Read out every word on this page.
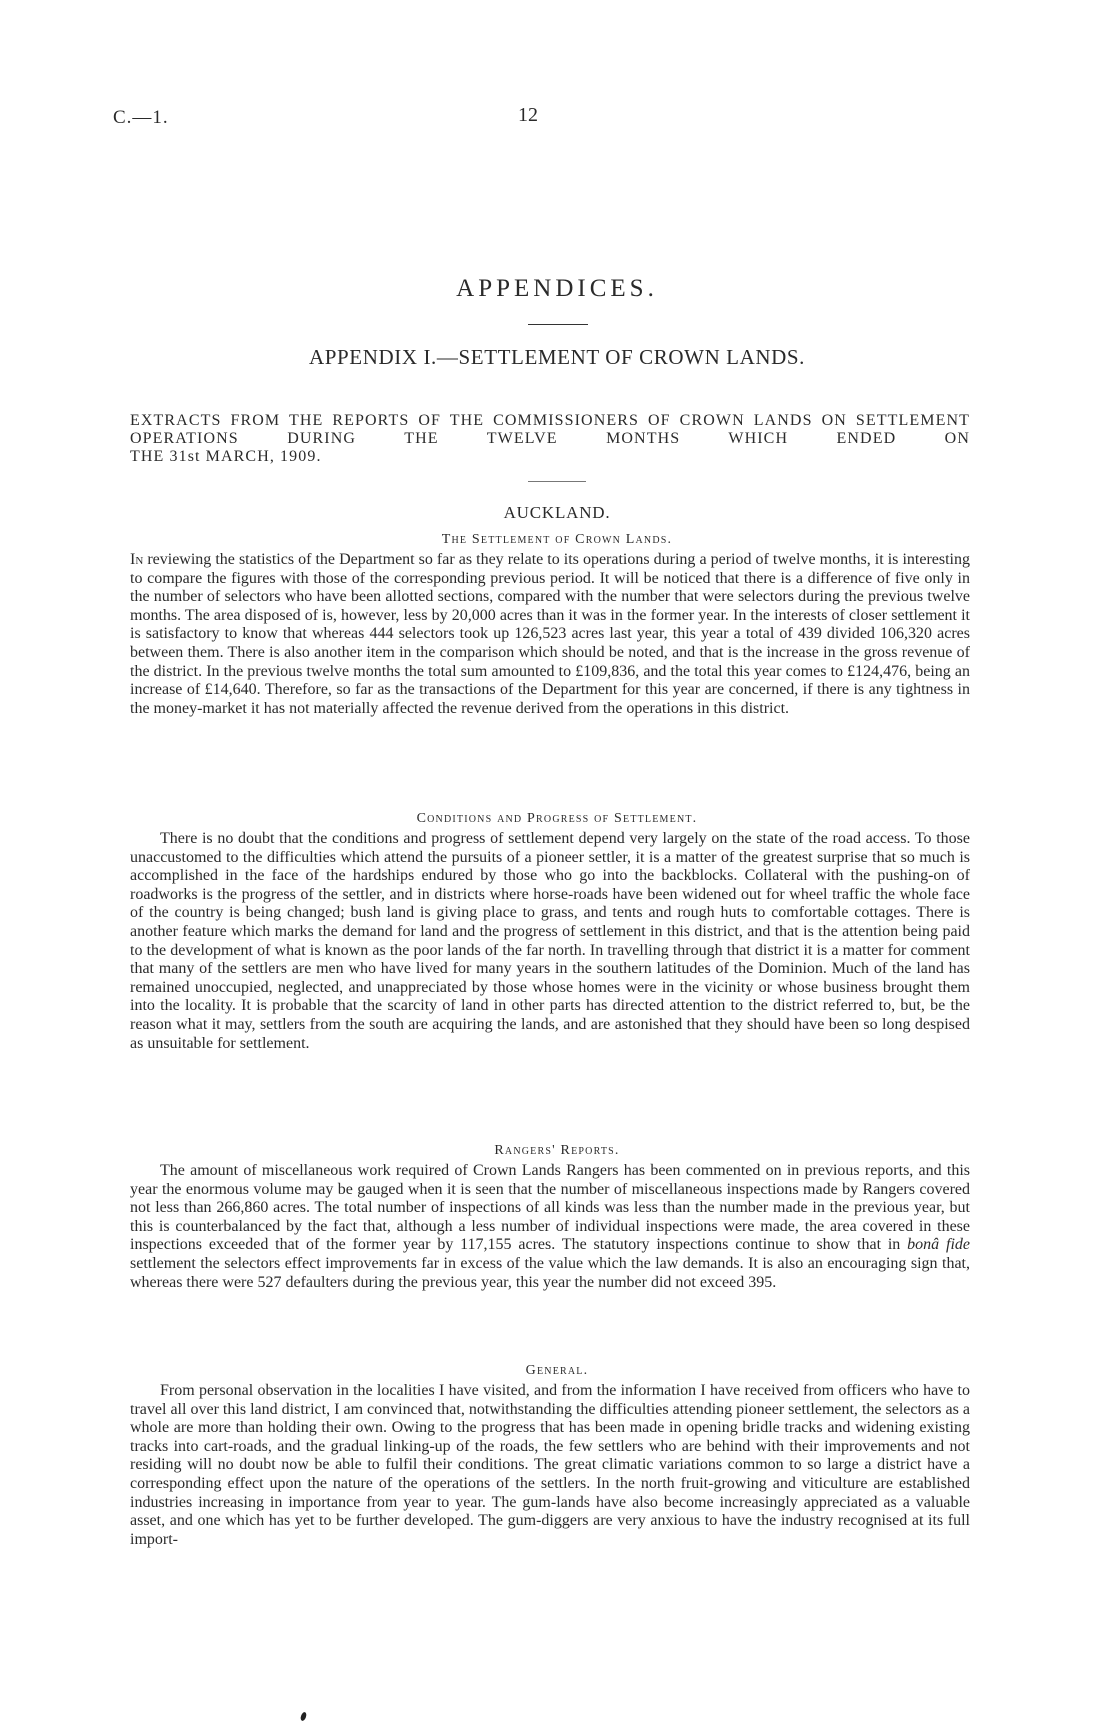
C.—1.	12
APPENDICES.
APPENDIX I.—SETTLEMENT OF CROWN LANDS.
EXTRACTS FROM THE REPORTS OF THE COMMISSIONERS OF CROWN LANDS ON SETTLEMENT OPERATIONS DURING THE TWELVE MONTHS WHICH ENDED ON
THE 31st MARCH, 1909.
AUCKLAND.
The Settlement of Crown Lands.

In reviewing the statistics of the Department so far as they relate to its operations during a period of twelve months, it is interesting to compare the figures with those of the corresponding previous period. It will be noticed that there is a difference of five only in the number of selectors who have been allotted sections, compared with the number that were selectors during the previous twelve months. The area disposed of is, however, less by 20,000 acres than it was in the former year. In the interests of closer settlement it is satisfactory to know that whereas 444 selectors took up 126,523 acres last year, this year a total of 439 divided 106,320 acres between them. There is also another item in the comparison which should be noted, and that is the increase in the gross revenue of the district. In the previous twelve months the total sum amounted to £109,836, and the total this year comes to £124,476, being an increase of £14,640. Therefore, so far as the transactions of the Department for this year are concerned, if there is any tightness in the money-market it has not materially affected the revenue derived from the operations in this district.

Conditions and Progress of Settlement.

There is no doubt that the conditions and progress of settlement depend very largely on the state of the road access. To those unaccustomed to the difficulties which attend the pursuits of a pioneer settler, it is a matter of the greatest surprise that so much is accomplished in the face of the hardships endured by those who go into the backblocks. Collateral with the pushing-on of roadworks is the progress of the settler, and in districts where horse-roads have been widened out for wheel traffic the whole face of the country is being changed; bush land is giving place to grass, and tents and rough huts to comfortable cottages. There is another feature which marks the demand for land and the progress of settlement in this district, and that is the attention being paid to the development of what is known as the poor lands of the far north. In travelling through that district it is a matter for comment that many of the settlers are men who have lived for many years in the southern latitudes of the Dominion. Much of the land has remained unoccupied, neglected, and unappreciated by those whose homes were in the vicinity or whose business brought them into the locality. It is probable that the scarcity of land in other parts has directed attention to the district referred to, but, be the reason what it may, settlers from the south are acquiring the lands, and are astonished that they should have been so long despised as unsuitable for settlement.

Rangers' Reports.

The amount of miscellaneous work required of Crown Lands Rangers has been commented on in previous reports, and this year the enormous volume may be gauged when it is seen that the number of miscellaneous inspections made by Rangers covered not less than 266,860 acres. The total number of inspections of all kinds was less than the number made in the previous year, but this is counterbalanced by the fact that, although a less number of individual inspections were made, the area covered in these inspections exceeded that of the former year by 117,155 acres. The statutory inspections continue to show that in bonâ fide settlement the selectors effect improvements far in excess of the value which the law demands. It is also an encouraging sign that, whereas there were 527 defaulters during the previous year, this year the number did not exceed 395.

General.

From personal observation in the localities I have visited, and from the information I have received from officers who have to travel all over this land district, I am convinced that, notwithstanding the difficulties attending pioneer settlement, the selectors as a whole are more than holding their own. Owing to the progress that has been made in opening bridle tracks and widening existing tracks into cart-roads, and the gradual linking-up of the roads, the few settlers who are behind with their improvements and not residing will no doubt now be able to fulfil their conditions. The great climatic variations common to so large a district have a corresponding effect upon the nature of the operations of the settlers. In the north fruit-growing and viticulture are established industries increasing in importance from year to year. The gum-lands have also become increasingly appreciated as a valuable asset, and one which has yet to be further developed. The gum-diggers are very anxious to have the industry recognised at its full import-
